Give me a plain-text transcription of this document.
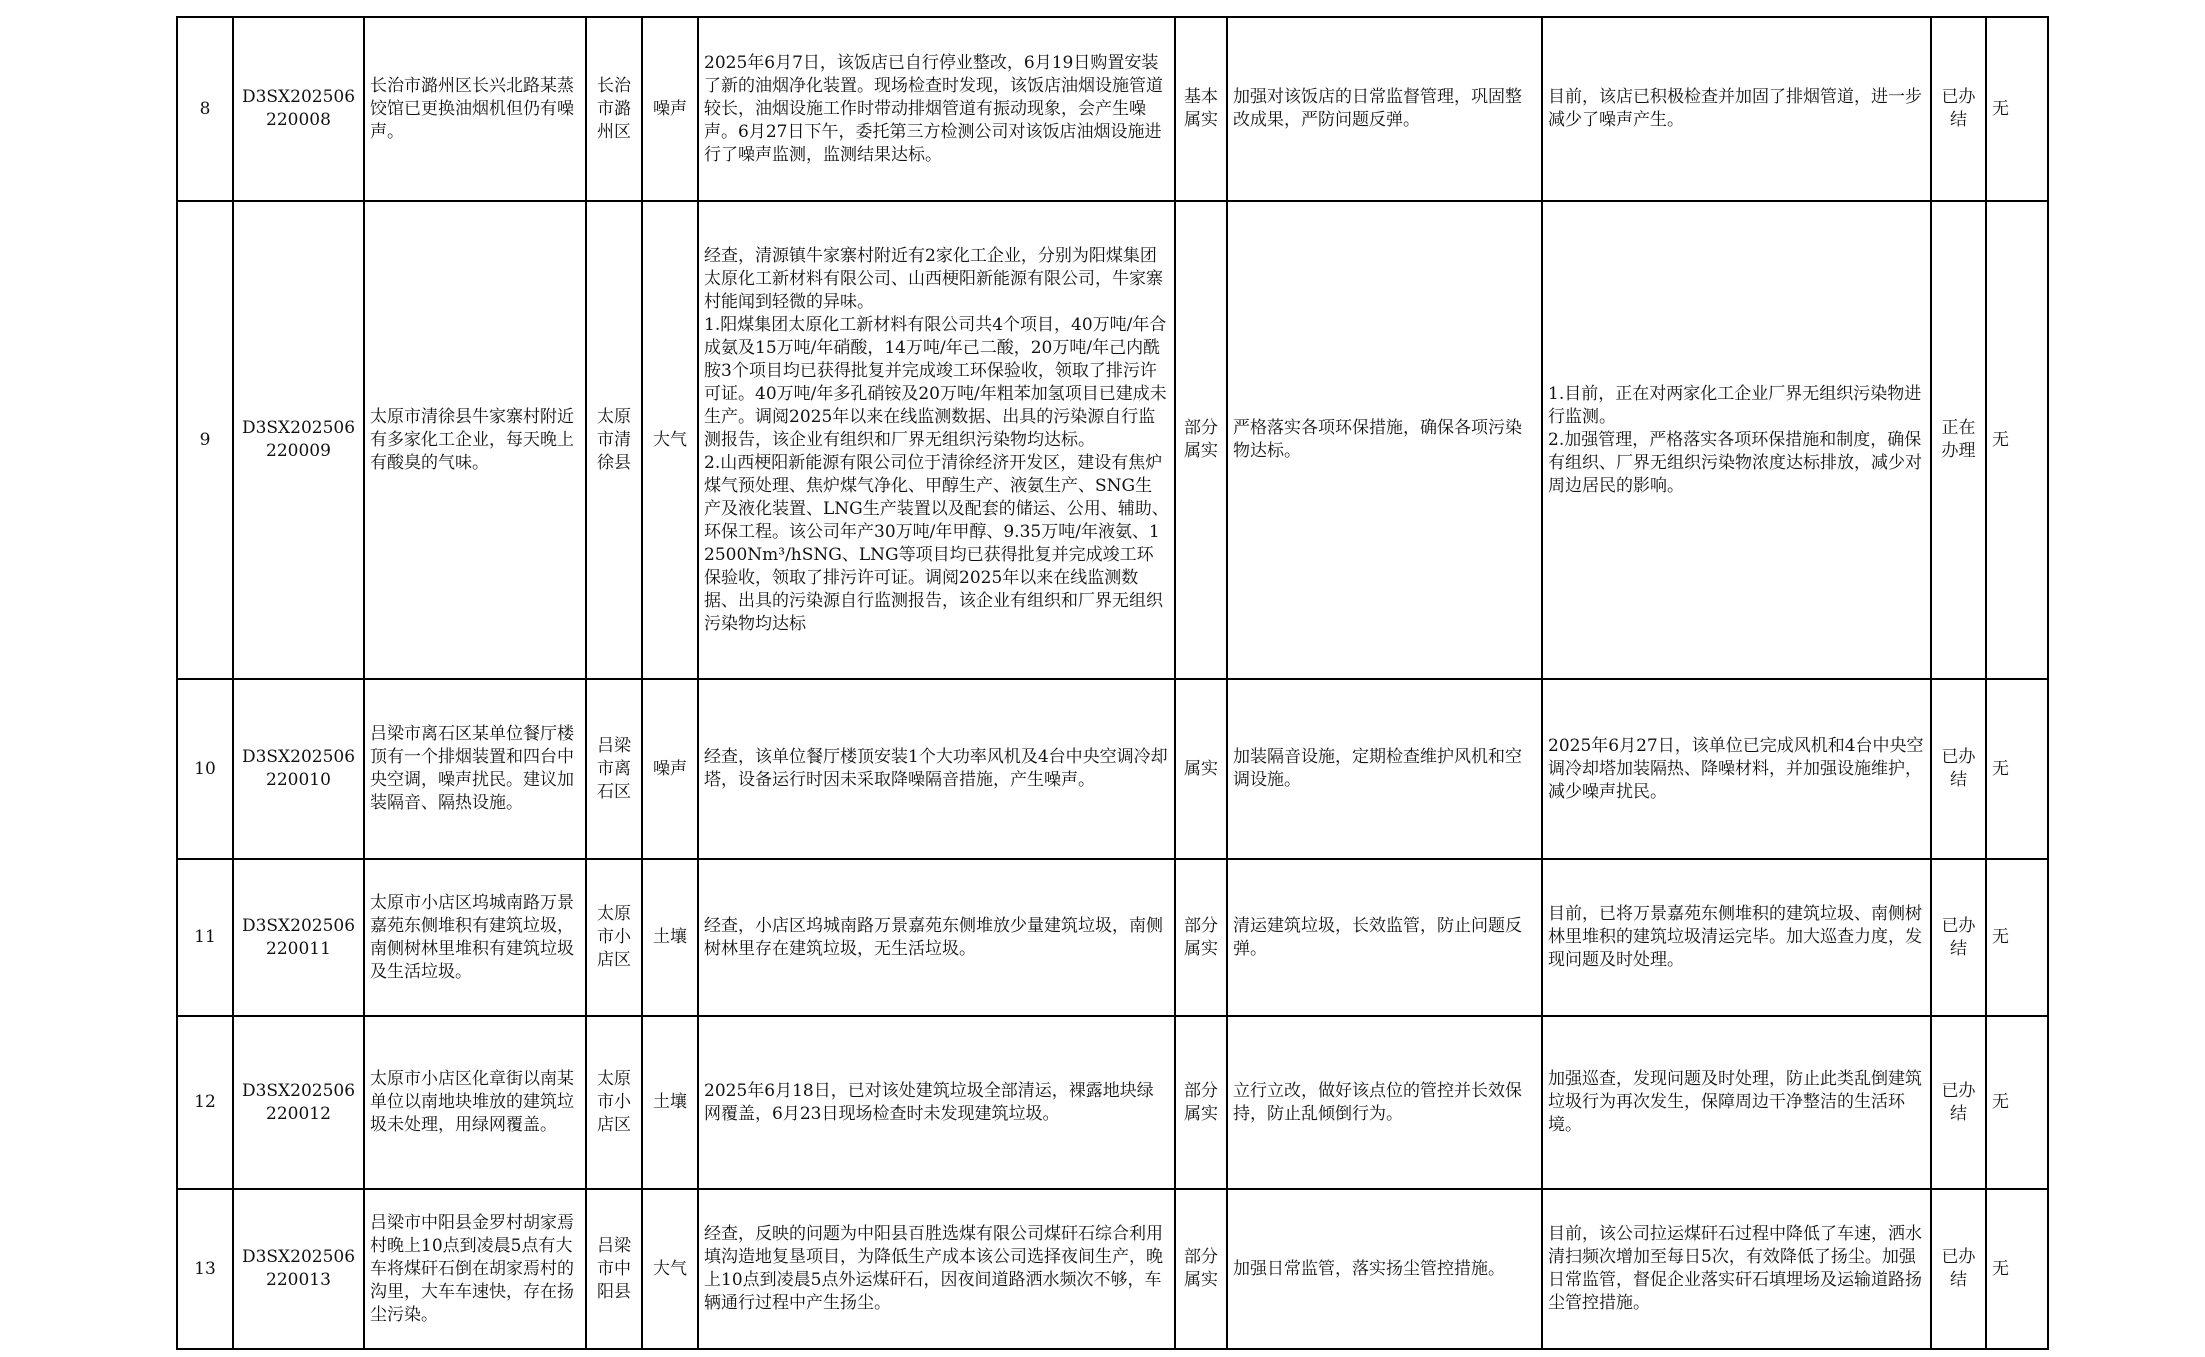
8	D3SX202506220008	长治市潞州区长兴北路某蒸饺馆已更换油烟机但仍有噪声。	长治市潞州区	噪声	2025年6月7日，该饭店已自行停业整改，6月19日购置安装了新的油烟净化装置。现场检查时发现，该饭店油烟设施管道较长，油烟设施工作时带动排烟管道有振动现象，会产生噪声。6月27日下午，委托第三方检测公司对该饭店油烟设施进行了噪声监测，监测结果达标。	基本属实	加强对该饭店的日常监督管理，巩固整改成果，严防问题反弹。	目前，该店已积极检查并加固了排烟管道，进一步减少了噪声产生。	已办结	无
9	D3SX202506220009	太原市清徐县牛家寨村附近有多家化工企业，每天晚上有酸臭的气味。	太原市清徐县	大气	经查，清源镇牛家寨村附近有2家化工企业，分别为阳煤集团太原化工新材料有限公司、山西梗阳新能源有限公司，牛家寨村能闻到轻微的异味。
1.阳煤集团太原化工新材料有限公司共4个项目，40万吨/年合成氨及15万吨/年硝酸，14万吨/年己二酸，20万吨/年己内酰胺3个项目均已获得批复并完成竣工环保验收，领取了排污许可证。40万吨/年多孔硝铵及20万吨/年粗苯加氢项目已建成未生产。调阅2025年以来在线监测数据、出具的污染源自行监测报告，该企业有组织和厂界无组织污染物均达标。
2.山西梗阳新能源有限公司位于清徐经济开发区，建设有焦炉煤气预处理、焦炉煤气净化、甲醇生产、液氨生产、SNG生产及液化装置、LNG生产装置以及配套的储运、公用、辅助、环保工程。该公司年产30万吨/年甲醇、9.35万吨/年液氨、12500Nm³/hSNG、LNG等项目均已获得批复并完成竣工环保验收，领取了排污许可证。调阅2025年以来在线监测数据、出具的污染源自行监测报告，该企业有组织和厂界无组织污染物均达标	部分属实	严格落实各项环保措施，确保各项污染物达标。	1.目前，正在对两家化工企业厂界无组织污染物进行监测。
2.加强管理，严格落实各项环保措施和制度，确保有组织、厂界无组织污染物浓度达标排放，减少对周边居民的影响。	正在办理	无
10	D3SX202506220010	吕梁市离石区某单位餐厅楼顶有一个排烟装置和四台中央空调，噪声扰民。建议加装隔音、隔热设施。	吕梁市离石区	噪声	经查，该单位餐厅楼顶安装1个大功率风机及4台中央空调冷却塔，设备运行时因未采取降噪隔音措施，产生噪声。	属实	加装隔音设施，定期检查维护风机和空调设施。	2025年6月27日，该单位已完成风机和4台中央空调冷却塔加装隔热、降噪材料，并加强设施维护，减少噪声扰民。	已办结	无
11	D3SX202506220011	太原市小店区坞城南路万景嘉苑东侧堆积有建筑垃圾，南侧树林里堆积有建筑垃圾及生活垃圾。	太原市小店区	土壤	经查，小店区坞城南路万景嘉苑东侧堆放少量建筑垃圾，南侧树林里存在建筑垃圾，无生活垃圾。	部分属实	清运建筑垃圾，长效监管，防止问题反弹。	目前，已将万景嘉苑东侧堆积的建筑垃圾、南侧树林里堆积的建筑垃圾清运完毕。加大巡查力度，发现问题及时处理。	已办结	无
12	D3SX202506220012	太原市小店区化章街以南某单位以南地块堆放的建筑垃圾未处理，用绿网覆盖。	太原市小店区	土壤	2025年6月18日，已对该处建筑垃圾全部清运，裸露地块绿网覆盖，6月23日现场检查时未发现建筑垃圾。	部分属实	立行立改，做好该点位的管控并长效保持，防止乱倾倒行为。	加强巡查，发现问题及时处理，防止此类乱倒建筑垃圾行为再次发生，保障周边干净整洁的生活环境。	已办结	无
13	D3SX202506220013	吕梁市中阳县金罗村胡家焉村晚上10点到凌晨5点有大车将煤矸石倒在胡家焉村的沟里，大车车速快，存在扬尘污染。	吕梁市中阳县	大气	经查，反映的问题为中阳县百胜选煤有限公司煤矸石综合利用填沟造地复垦项目，为降低生产成本该公司选择夜间生产，晚上10点到凌晨5点外运煤矸石，因夜间道路洒水频次不够，车辆通行过程中产生扬尘。	部分属实	加强日常监管，落实扬尘管控措施。	目前，该公司拉运煤矸石过程中降低了车速，洒水清扫频次增加至每日5次，有效降低了扬尘。加强日常监管，督促企业落实矸石填埋场及运输道路扬尘管控措施。	已办结	无
